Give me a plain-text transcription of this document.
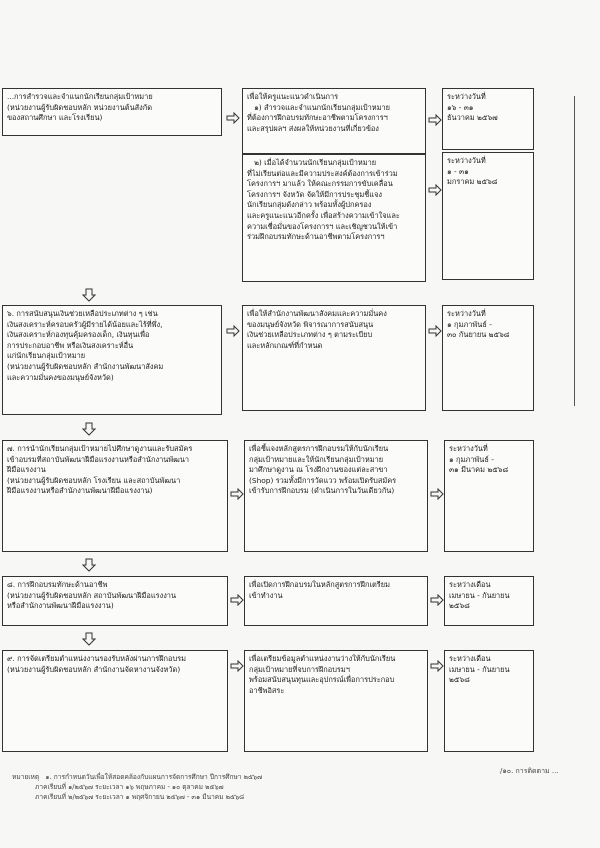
...การสำรวจและจำแนกนักเรียนกลุ่มเป้าหมาย
(หน่วยงานผู้รับผิดชอบหลัก หน่วยงานต้นสังกัด
ของสถานศึกษา และโรงเรียน)

เพื่อให้ครูแนะแนวดำเนินการ
๑) สำรวจและจำแนกนักเรียนกลุ่มเป้าหมาย
ที่ต้องการฝึกอบรมทักษะอาชีพตามโครงการฯ
และสรุปผลฯ ส่งผลให้หน่วยงานที่เกี่ยวข้อง

ระหว่างวันที่
๑๖ - ๓๑
ธันวาคม ๒๕๖๗

๒) เมื่อได้จำนวนนักเรียนกลุ่มเป้าหมาย
ที่ไม่เรียนต่อและมีความประสงค์ต้องการเข้าร่วม
โครงการฯ มาแล้ว ให้คณะกรรมการขับเคลื่อน
โครงการฯ จังหวัด จัดให้มีการประชุมชี้แจง
นักเรียนกลุ่มดังกล่าว พร้อมทั้งผู้ปกครอง
และครูแนะแนวอีกครั้ง เพื่อสร้างความเข้าใจและ
ความเชื่อมั่นของโครงการฯ และเชิญชวนให้เข้า
ร่วมฝึกอบรมทักษะด้านอาชีพตามโครงการฯ

ระหว่างวันที่
๑ - ๓๑
มกราคม ๒๕๖๘

๖. การสนับสนุนเงินช่วยเหลือประเภทต่าง ๆ เช่น
เงินสงเคราะห์ครอบครัวผู้มีรายได้น้อยและไร้ที่พึ่ง,
เงินสงเคราะห์กองทุนคุ้มครองเด็ก, เงินทุนเพื่อ
การประกอบอาชีพ หรือเงินสงเคราะห์อื่น
แก่นักเรียนกลุ่มเป้าหมาย
(หน่วยงานผู้รับผิดชอบหลัก สำนักงานพัฒนาสังคม
และความมั่นคงของมนุษย์จังหวัด)

เพื่อให้สำนักงานพัฒนาสังคมและความมั่นคง
ของมนุษย์จังหวัด พิจารณาการสนับสนุน
เงินช่วยเหลือประเภทต่าง ๆ ตามระเบียบ
และหลักเกณฑ์ที่กำหนด

ระหว่างวันที่
๑ กุมภาพันธ์ -
๓๐ กันยายน ๒๕๖๘

๗. การนำนักเรียนกลุ่มเป้าหมายไปศึกษาดูงานและรับสมัคร
เข้าอบรมที่สถาบันพัฒนาฝีมือแรงงานหรือสำนักงานพัฒนา
ฝีมือแรงงาน
(หน่วยงานผู้รับผิดชอบหลัก โรงเรียน และสถาบันพัฒนา
ฝีมือแรงงานหรือสำนักงานพัฒนาฝีมือแรงงาน)

เพื่อชี้แจงหลักสูตรการฝึกอบรมให้กับนักเรียน
กลุ่มเป้าหมายและให้นักเรียนกลุ่มเป้าหมาย
มาศึกษาดูงาน ณ โรงฝึกงานของแต่ละสาขา
(Shop) รวมทั้งมีการวัดแวว พร้อมเปิดรับสมัคร
เข้ารับการฝึกอบรม (ดำเนินการในวันเดียวกัน)

ระหว่างวันที่
๑ กุมภาพันธ์ -
๓๑ มีนาคม ๒๕๖๘

๘. การฝึกอบรมทักษะด้านอาชีพ
(หน่วยงานผู้รับผิดชอบหลัก สถาบันพัฒนาฝีมือแรงงาน
หรือสำนักงานพัฒนาฝีมือแรงงาน)

เพื่อเปิดการฝึกอบรมในหลักสูตรการฝึกเตรียม
เข้าทำงาน

ระหว่างเดือน
เมษายน - กันยายน
๒๕๖๘

๙. การจัดเตรียมตำแหน่งงานรองรับหลังผ่านการฝึกอบรม
(หน่วยงานผู้รับผิดชอบหลัก สำนักงานจัดหางานจังหวัด)

เพื่อเตรียมข้อมูลตำแหน่งงานว่างให้กับนักเรียน
กลุ่มเป้าหมายที่จบการฝึกอบรมฯ
พร้อมสนับสนุนทุนและอุปกรณ์เพื่อการประกอบ
อาชีพอิสระ

ระหว่างเดือน
เมษายน - กันยายน
๒๕๖๘

/๑๐. การติดตาม ...
หมายเหตุ   ๑. การกำหนดวันเพื่อให้สอดคล้องกับแผนการจัดการศึกษา ปีการศึกษา ๒๕๖๗
ภาคเรียนที่ ๑/๒๕๖๗ ระยะเวลา ๑๖ พฤษภาคม - ๑๐ ตุลาคม ๒๕๖๗
ภาคเรียนที่ ๒/๒๕๖๗ ระยะเวลา ๑ พฤศจิกายน ๒๕๖๗ - ๓๑ มีนาคม ๒๕๖๘
